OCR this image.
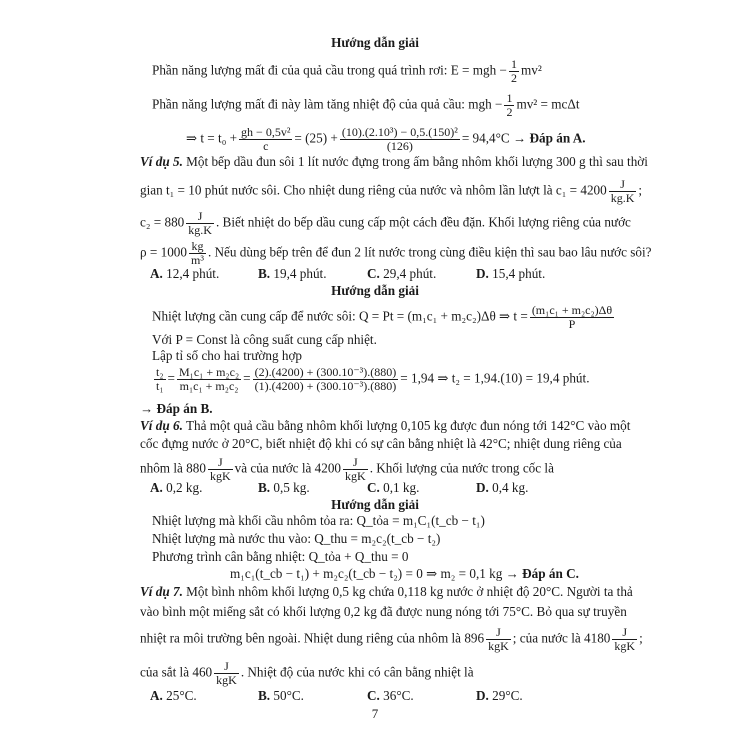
Hướng dẫn giải
Phần năng lượng mất đi của quả cầu trong quá trình rơi: E = mgh − $\frac{1}{2} mv^2$
Phần năng lượng mất đi này làm tăng nhiệt độ của quả cầu: mgh − $\frac{1}{2} mv^2 = mc\Delta t$
⇒ $t = t_0 + \frac{\text{gh − 0,5v²}}{c} = (25) + \frac{\text{(10).(2.10³) − 0,5.(150)²}}{(126)} = 94,4^\circ C$ → Đáp án A.
Ví dụ 5. Một bếp dầu đun sôi 1 lít nước đựng trong ấm bằng nhôm khối lượng 300 g thì sau thời
gian t₁ = 10 phút nước sôi. Cho nhiệt dung riêng của nước và nhôm lần lượt là $c_1 = 4200 \frac{J}{kg.K}$ ;
$c_2 = 880 \frac{J}{kg.K}$ . Biết nhiệt do bếp dầu cung cấp một cách đều đặn. Khối lượng riêng của nước
$\rho = 1000 \frac{kg}{\text{m³}}$ . Nếu dùng bếp trên để đun 2 lít nước trong cùng điều kiện thì sau bao lâu nước sôi?
A. 12,4 phút.	B. 19,4 phút.	C. 29,4 phút.	D. 15,4 phút.
Hướng dẫn giải
Nhiệt lượng cần cung cấp để nước sôi: Q = Pt = (m₁c₁ + m₂c₂)Δθ ⇒ $t = \frac{\text{(m₁c₁ + m₂c₂)Δθ}}{P}$
Với P = Const là công suất cung cấp nhiệt.
Lập tỉ số cho hai trường hợp
$\frac{\text{t₂}}{\text{t₁}} = \frac{\text{M₁c₁ + m₂c₂}}{\text{m₁c₁ + m₂c₂}} = \frac{\text{(2).(4200) + (300.10⁻³).(880)}}{\text{(1).(4200) + (300.10⁻³).(880)}} = 1,94$ ⇒ t₂ = 1,94.(10) = 19,4 phút.
→ Đáp án B.
Ví dụ 6. Thả một quả cầu bằng nhôm khối lượng 0,105 kg được đun nóng tới 142°C vào một
cốc đựng nước ở 20°C, biết nhiệt độ khi có sự cân bằng nhiệt là 42°C; nhiệt dung riêng của
nhôm là 880	J
kgK
và của nước là 4200	J
kgK
. Khối lượng của nước trong cốc là
A. 0,2 kg.	B. 0,5 kg.	C. 0,1 kg.	D. 0,4 kg.
Hướng dẫn giải
Nhiệt lượng mà khối cầu nhôm tỏa ra: Q_tỏa = m₁C₁(t_cb − t₁)
Nhiệt lượng mà nước thu vào: Q_thu = m₂c₂(t_cb − t₂)
Phương trình cân bằng nhiệt: Q_tỏa + Q_thu = 0
m₁c₁(t_cb − t₁) + m₂c₂(t_cb − t₂) = 0 ⇒ m₂ = 0,1 kg → Đáp án C.
Ví dụ 7. Một bình nhôm khối lượng 0,5 kg chứa 0,118 kg nước ở nhiệt độ 20°C. Người ta thả
vào bình một miếng sắt có khối lượng 0,2 kg đã được nung nóng tới 75°C. Bỏ qua sự truyền
nhiệt ra môi trường bên ngoài. Nhiệt dung riêng của nhôm là 896	J
kgK
; của nước là 4180	J
kgK
;
của sắt là 460	J
kgK
. Nhiệt độ của nước khi có cân bằng nhiệt là
A. 25°C.	B. 50°C.	C. 36°C.	D. 29°C.
7
